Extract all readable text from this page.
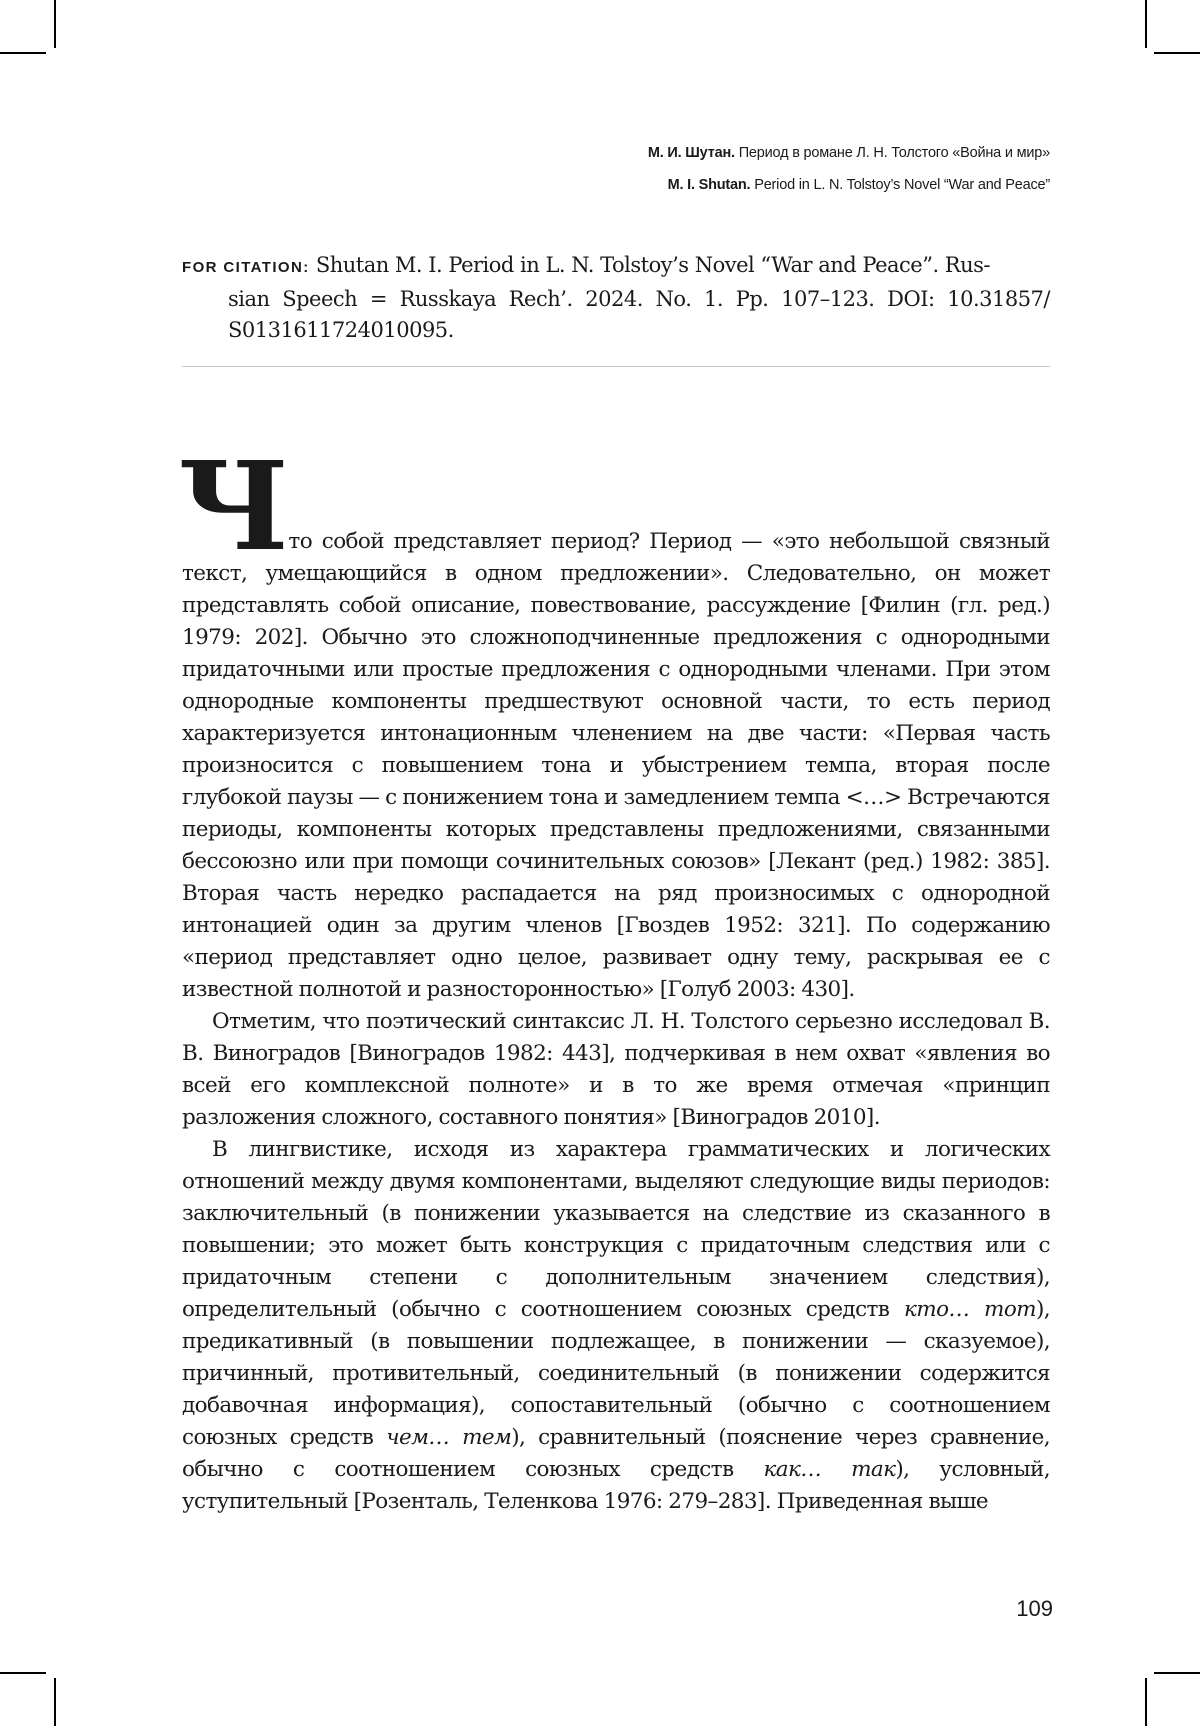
М. И. Шутан. Период в романе Л. Н. Толстого «Война и мир»
M. I. Shutan. Period in L. N. Tolstoy’s Novel “War and Peace”
FOR CITATION: Shutan M. I. Period in L. N. Tolstoy’s Novel “War and Peace”. Rus-
sian Speech = Russkaya Rech’. 2024. No. 1. Pp. 107–123. DOI: 10.31857/ S0131611724010095.

Что собой представляет период? Период — «это небольшой связный текст, умещающийся в одном предложении». Следовательно, он может представлять собой описание, повествование, рассуждение [Филин (гл. ред.) 1979: 202]. Обычно это сложноподчиненные предложения с однородными придаточными или простые предложения с однородными членами. При этом однородные компоненты предшествуют основной части, то есть период характеризуется интонационным членением на две части: «Первая часть произносится с повышением тона и убыстрением темпа, вторая после глубокой паузы — с понижением тона и замедлением темпа <…> Встречаются периоды, компоненты которых представлены предложениями, связанными бессоюзно или при помощи сочинительных союзов» [Лекант (ред.) 1982: 385]. Вторая часть нередко распадается на ряд произносимых с однородной интонацией один за другим членов [Гвоздев 1952: 321]. По содержанию «период представляет одно целое, развивает одну тему, раскрывая ее с известной полнотой и разносторонностью» [Голуб 2003: 430].

Отметим, что поэтический синтаксис Л. Н. Толстого серьезно исследовал В. В. Виноградов [Виноградов 1982: 443], подчеркивая в нем охват «явления во всей его комплексной полноте» и в то же время отмечая «принцип разложения сложного, составного понятия» [Виноградов 2010].

В лингвистике, исходя из характера грамматических и логических отношений между двумя компонентами, выделяют следующие виды периодов: заключительный (в понижении указывается на следствие из сказанного в повышении; это может быть конструкция с придаточным следствия или с придаточным степени с дополнительным значением следствия), определительный (обычно с соотношением союзных средств кто… тот), предикативный (в повышении подлежащее, в понижении — сказуемое), причинный, противительный, соединительный (в понижении содержится добавочная информация), сопоставительный (обычно с соотношением союзных средств чем… тем), сравнительный (пояснение через сравнение, обычно с соотношением союзных средств как… так), условный, уступительный [Розенталь, Теленкова 1976: 279–283]. Приведенная выше

109
